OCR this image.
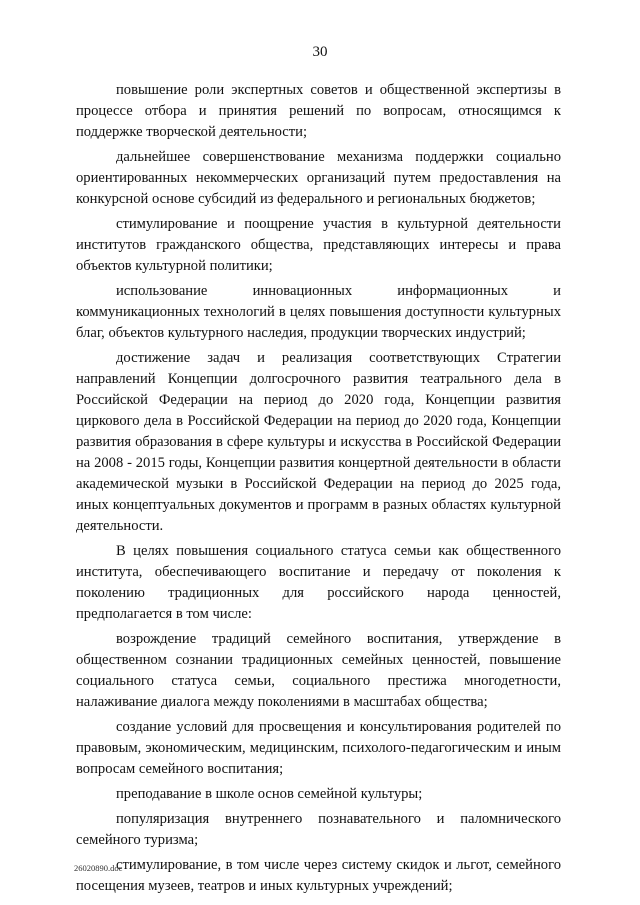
30

повышение роли экспертных советов и общественной экспертизы в процессе отбора и принятия решений по вопросам, относящимся к поддержке творческой деятельности;

дальнейшее совершенствование механизма поддержки социально ориентированных некоммерческих организаций путем предоставления на конкурсной основе субсидий из федерального и региональных бюджетов;

стимулирование и поощрение участия в культурной деятельности институтов гражданского общества, представляющих интересы и права объектов культурной политики;

использование инновационных информационных и коммуникационных технологий в целях повышения доступности культурных благ, объектов культурного наследия, продукции творческих индустрий;

достижение задач и реализация соответствующих Стратегии направлений Концепции долгосрочного развития театрального дела в Российской Федерации на период до 2020 года, Концепции развития циркового дела в Российской Федерации на период до 2020 года, Концепции развития образования в сфере культуры и искусства в Российской Федерации на 2008 - 2015 годы, Концепции развития концертной деятельности в области академической музыки в Российской Федерации на период до 2025 года, иных концептуальных документов и программ в разных областях культурной деятельности.

В целях повышения социального статуса семьи как общественного института, обеспечивающего воспитание и передачу от поколения к поколению традиционных для российского народа ценностей, предполагается в том числе:

возрождение традиций семейного воспитания, утверждение в общественном сознании традиционных семейных ценностей, повышение социального статуса семьи, социального престижа многодетности, налаживание диалога между поколениями в масштабах общества;

создание условий для просвещения и консультирования родителей по правовым, экономическим, медицинским, психолого-педагогическим и иным вопросам семейного воспитания;

преподавание в школе основ семейной культуры;

популяризация внутреннего познавательного и паломнического семейного туризма;

стимулирование, в том числе через систему скидок и льгот, семейного посещения музеев, театров и иных культурных учреждений;

26020890.doc
